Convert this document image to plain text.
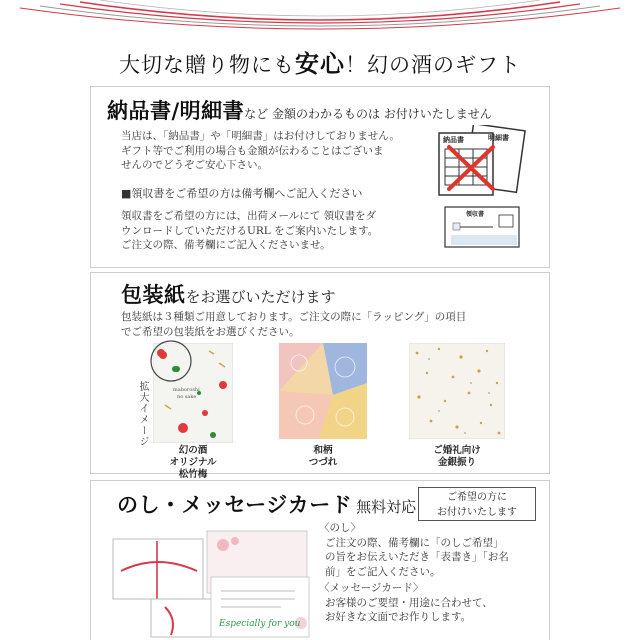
大切な贈り物にも安心！幻の酒のギフト
納品書/明細書など 金額のわかるものは お付けいたしません
当店は、「納品書」や「明細書」はお付けしておりません。
ギフト等でご利用の場合も金額が伝わることはございま
せんのでどうぞご安心下さい。
■領収書をご希望の方は備考欄へご記入ください
領収書をご希望の方には、出荷メールにて 領収書をダ
ウンロードしていただけるURL をご案内いたします。
ご注文の際、備考欄にご記入くださいませ。
納品書	明細書
領収書
包装紙をお選びいただけます
包装紙は３種類ご用意しております。ご注文の際に「ラッピング」の項目
でご希望の包装紙をお選びください。
maboroshi
no sake
拡大イメージ
幻の酒
オリジナル
松竹梅
和柄
つづれ
ご婚礼向け
金銀振り
のし・メッセージカード 無料対応
ご希望の方に
お付けいたします
Especially for you
〈のし〉
ご注文の際、備考欄に「のしご希望」
の旨をお伝えいただき「表書き」「お名
前」をご記入ください。
〈メッセージカード〉
お客様のご要望・用途に合わせて、
お好きな文面でお作りします。
